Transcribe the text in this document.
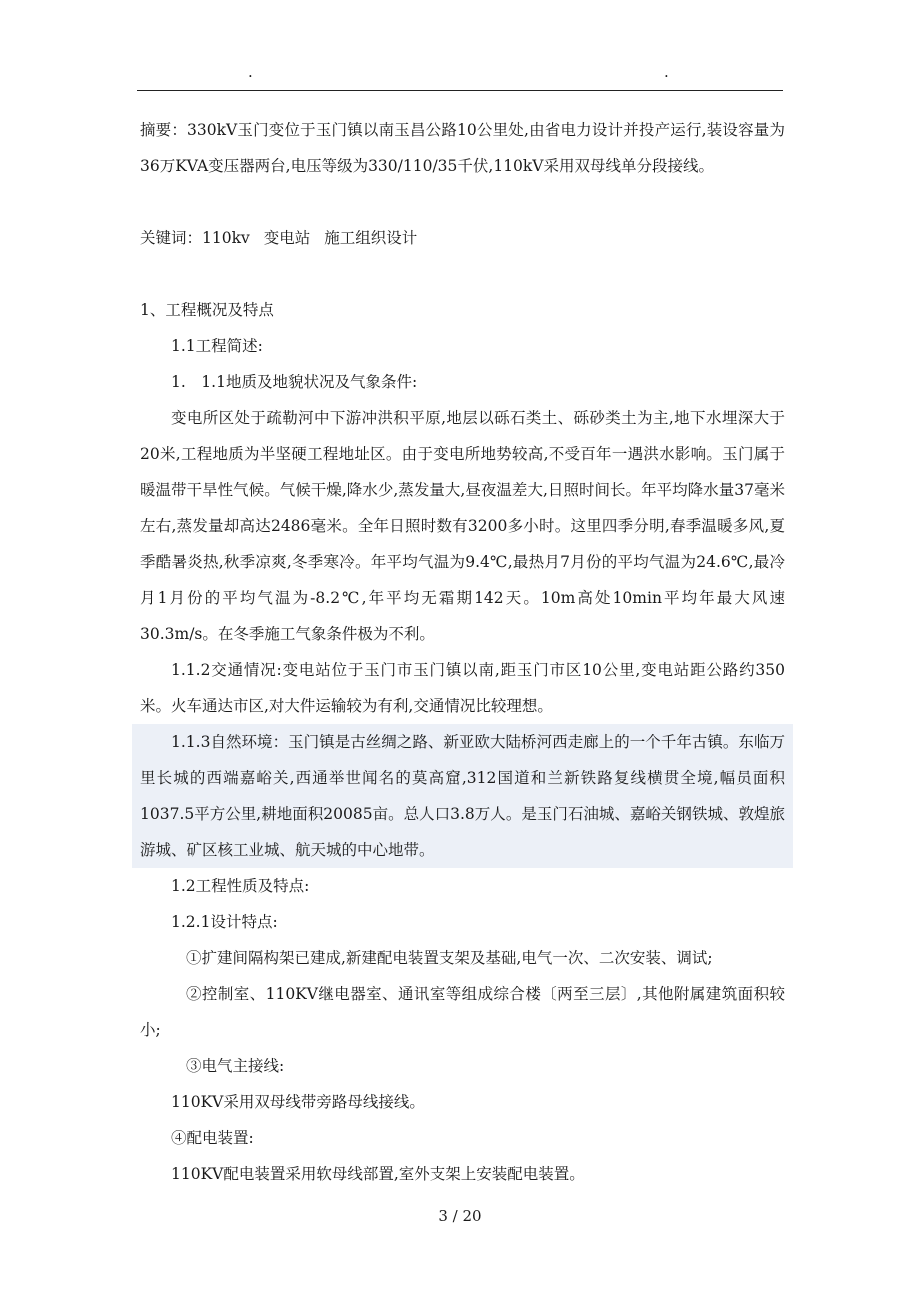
.	.

摘要：330kV玉门变位于玉门镇以南玉昌公路10公里处,由省电力设计并投产运行,装设容量为36万KVA变压器两台,电压等级为330/110/35千伏,110kV采用双母线单分段接线。

关键词：110kv 变电站 施工组织设计

1、工程概况及特点

1.1工程简述:

1.　1.1地质及地貌状况及气象条件:

变电所区处于疏勒河中下游冲洪积平原,地层以砾石类土、砾砂类土为主,地下水埋深大于20米,工程地质为半坚硬工程地址区。由于变电所地势较高,不受百年一遇洪水影响。玉门属于暖温带干旱性气候。气候干燥,降水少,蒸发量大,昼夜温差大,日照时间长。年平均降水量37毫米左右,蒸发量却高达2486毫米。全年日照时数有3200多小时。这里四季分明,春季温暖多风,夏季酷暑炎热,秋季凉爽,冬季寒冷。年平均气温为9.4℃,最热月7月份的平均气温为24.6℃,最冷月1月份的平均气温为-8.2℃,年平均无霜期142天。10m高处10min平均年最大风速30.3m/s。在冬季施工气象条件极为不利。

1.1.2交通情况:变电站位于玉门市玉门镇以南,距玉门市区10公里,变电站距公路约350米。火车通达市区,对大件运输较为有利,交通情况比较理想。

1.1.3自然环境：玉门镇是古丝绸之路、新亚欧大陆桥河西走廊上的一个千年古镇。东临万里长城的西端嘉峪关,西通举世闻名的莫高窟,312国道和兰新铁路复线横贯全境,幅员面积1037.5平方公里,耕地面积20085亩。总人口3.8万人。是玉门石油城、嘉峪关钢铁城、敦煌旅游城、矿区核工业城、航天城的中心地带。

1.2工程性质及特点:

1.2.1设计特点:

①扩建间隔构架已建成,新建配电装置支架及基础,电气一次、二次安装、调试;

②控制室、110KV继电器室、通讯室等组成综合楼〔两至三层〕,其他附属建筑面积较小;

③电气主接线:

110KV采用双母线带旁路母线接线。

④配电装置:

110KV配电装置采用软母线部置,室外支架上安装配电装置。

3 / 20
